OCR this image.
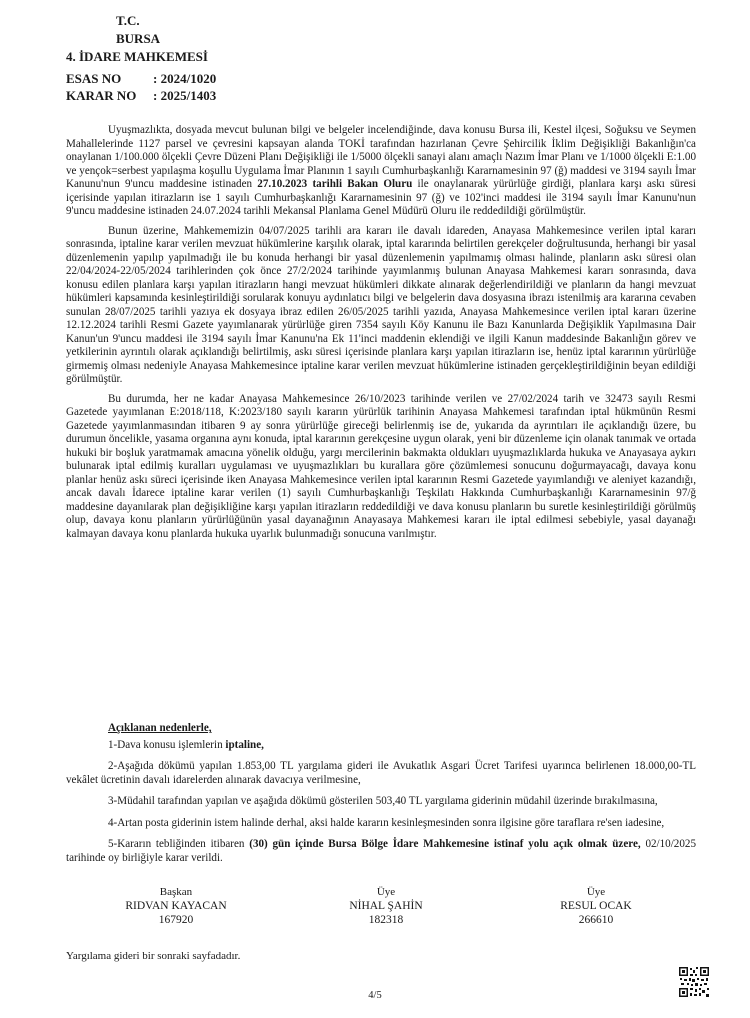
T.C.
BURSA
4. İDARE MAHKEMESİ
ESAS NO : 2024/1020
KARAR NO : 2025/1403

Uyuşmazlıkta, dosyada mevcut bulunan bilgi ve belgeler incelendiğinde, dava konusu Bursa ili, Kestel ilçesi, Soğuksu ve Seymen Mahallelerinde 1127 parsel ve çevresini kapsayan alanda TOKİ tarafından hazırlanan Çevre Şehircilik İklim Değişikliği Bakanlığın'ca onaylanan 1/100.000 ölçekli Çevre Düzeni Planı Değişikliği ile 1/5000 ölçekli sanayi alanı amaçlı Nazım İmar Planı ve 1/1000 ölçekli E:1.00 ve yençok=serbest yapılaşma koşullu Uygulama İmar Planının 1 sayılı Cumhurbaşkanlığı Kararnamesinin 97 (ğ) maddesi ve 3194 sayılı İmar Kanunu'nun 9'uncu maddesine istinaden 27.10.2023 tarihli Bakan Oluru ile onaylanarak yürürlüğe girdiği, planlara karşı askı süresi içerisinde yapılan itirazların ise 1 sayılı Cumhurbaşkanlığı Kararnamesinin 97 (ğ) ve 102'inci maddesi ile 3194 sayılı İmar Kanunu'nun 9'uncu maddesine istinaden 24.07.2024 tarihli Mekansal Planlama Genel Müdürü Oluru ile reddedildiği görülmüştür.

Bunun üzerine, Mahkememizin 04/07/2025 tarihli ara kararı ile davalı idareden, Anayasa Mahkemesince verilen iptal kararı sonrasında, iptaline karar verilen mevzuat hükümlerine karşılık olarak, iptal kararında belirtilen gerekçeler doğrultusunda, herhangi bir yasal düzenlemenin yapılıp yapılmadığı ile bu konuda herhangi bir yasal düzenlemenin yapılmamış olması halinde, planların askı süresi olan 22/04/2024-22/05/2024 tarihlerinden çok önce 27/2/2024 tarihinde yayımlanmış bulunan Anayasa Mahkemesi kararı sonrasında, dava konusu edilen planlara karşı yapılan itirazların hangi mevzuat hükümleri dikkate alınarak değerlendirildiği ve planların da hangi mevzuat hükümleri kapsamında kesinleştirildiği sorularak konuyu aydınlatıcı bilgi ve belgelerin dava dosyasına ibrazı istenilmiş ara kararına cevaben sunulan 28/07/2025 tarihli yazıya ek dosyaya ibraz edilen 26/05/2025 tarihli yazıda, Anayasa Mahkemesince verilen iptal kararı üzerine 12.12.2024 tarihli Resmi Gazete yayımlanarak yürürlüğe giren 7354 sayılı Köy Kanunu ile Bazı Kanunlarda Değişiklik Yapılmasına Dair Kanun'un 9'uncu maddesi ile 3194 sayılı İmar Kanunu'na Ek 11'inci maddenin eklendiği ve ilgili Kanun maddesinde Bakanlığın görev ve yetkilerinin ayrıntılı olarak açıklandığı belirtilmiş, askı süresi içerisinde planlara karşı yapılan itirazların ise, henüz iptal kararının yürürlüğe girmemiş olması nedeniyle Anayasa Mahkemesince iptaline karar verilen mevzuat hükümlerine istinaden gerçekleştirildiğinin beyan edildiği görülmüştür.

Bu durumda, her ne kadar Anayasa Mahkemesince 26/10/2023 tarihinde verilen ve 27/02/2024 tarih ve 32473 sayılı Resmi Gazetede yayımlanan E:2018/118, K:2023/180 sayılı kararın yürürlük tarihinin Anayasa Mahkemesi tarafından iptal hükmünün Resmi Gazetede yayımlanmasından itibaren 9 ay sonra yürürlüğe gireceği belirlenmiş ise de, yukarıda da ayrıntıları ile açıklandığı üzere, bu durumun öncelikle, yasama organına aynı konuda, iptal kararının gerekçesine uygun olarak, yeni bir düzenleme için olanak tanımak ve ortada hukuki bir boşluk yaratmamak amacına yönelik olduğu, yargı mercilerinin bakmakta oldukları uyuşmazlıklarda hukuka ve Anayasaya aykırı bulunarak iptal edilmiş kuralları uygulaması ve uyuşmazlıkları bu kurallara göre çözümlemesi sonucunu doğurmayacağı, davaya konu planlar henüz askı süreci içerisinde iken Anayasa Mahkemesince verilen iptal kararının Resmi Gazetede yayımlandığı ve aleniyet kazandığı, ancak davalı İdarece iptaline karar verilen (1) sayılı Cumhurbaşkanlığı Teşkilatı Hakkında Cumhurbaşkanlığı Kararnamesinin 97/ğ maddesine dayanılarak plan değişikliğine karşı yapılan itirazların reddedildiği ve dava konusu planların bu suretle kesinleştirildiği görülmüş olup, davaya konu planların yürürlüğünün yasal dayanağının Anayasaya Mahkemesi kararı ile iptal edilmesi sebebiyle, yasal dayanağı kalmayan davaya konu planlarda hukuka uyarlık bulunmadığı sonucuna varılmıştır.

Açıklanan nedenlerle,

1-Dava konusu işlemlerin iptaline,

2-Aşağıda dökümü yapılan 1.853,00 TL yargılama gideri ile Avukatlık Asgari Ücret Tarifesi uyarınca belirlenen 18.000,00-TL vekâlet ücretinin davalı idarelerden alınarak davacıya verilmesine,

3-Müdahil tarafından yapılan ve aşağıda dökümü gösterilen 503,40 TL yargılama giderinin müdahil üzerinde bırakılmasına,

4-Artan posta giderinin istem halinde derhal, aksi halde kararın kesinleşmesinden sonra ilgisine göre taraflara re'sen iadesine,

5-Kararın tebliğinden itibaren (30) gün içinde Bursa Bölge İdare Mahkemesine istinaf yolu açık olmak üzere, 02/10/2025 tarihinde oy birliğiyle karar verildi.

Başkan
RIDVAN KAYACAN
167920
Üye
NİHAL ŞAHİN
182318
Üye
RESUL OCAK
266610
Yargılama gideri bir sonraki sayfadadır.
4/5
